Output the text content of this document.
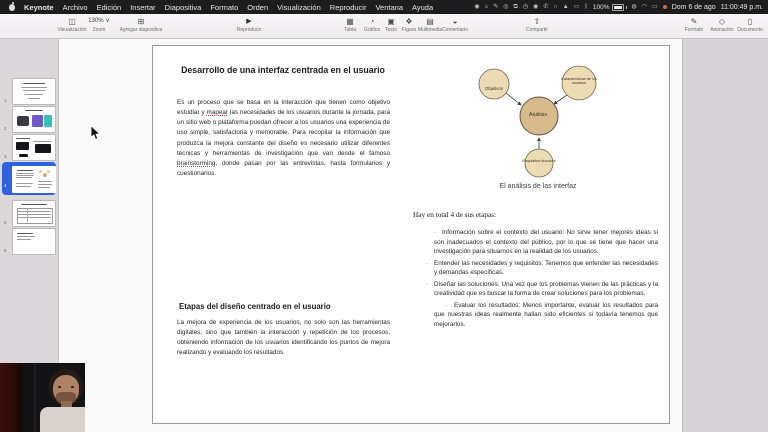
Keynote Archivo Edición Insertar Diapositiva Formato Orden Visualización Reproducir Ventana Ayuda	◉ ⌂ ✎ ◎ ⧉ ◷ ◉ ✆ ∩ ▲ ▭ ᛒ 100%	◍ ◠ ▭ Dom 6 de ago 11:00:49 p.m.
◫
Visualización
130% ∨
Zoom
⊞
Agregar diapositiva
▶
Reproducir
▦
Tabla
◔
Gráfica
▣
Texto
❖
Figura
▤
Multimedia
◒
Comentario
⇧
Compartir
✎
Formato
◇
Animación
▯
Documento
1
2
3
4
5
6
Desarrollo de una interfaz centrada en el usuario
Es un proceso que se basa en la interacción que tienen como objetivo estudiar y mapear las necesidades de los usuarios durante la jornada, para un sitio web o plataforma puedan ofrecer a los usuarios una experiencia de uso simple, satisfactoria y memorable. Para recopilar la información que produzca la mejora constante del diseño es necesario utilizar diferentes técnicas y herramientas de investigación que van desde el famoso brainstorming, donde pasan por las entrevistas, hasta formularios y cuestionarios.
Etapas del diseño centrado en el usuario
La mejora de experiencia de los usuarios, no solo son las herramientas digitales, sino que también la interacción y repetición de los procesos, obteniendo información de los usuarios identificando los puntos de mejora realizando y evaluando los resultados.
Objetivos
Características de los usuarios
Análisis
Requisitos técnicos
El análisis de las interfaz
Hay en total 4 de sus etapas:
· Información sobre el contexto del usuario: No sirve tener mejores ideas si son inadecuados el contexto del público, por lo que se tiene que hacer una investigación para situarnos en la realidad de los usuarios.
· Entender las necesidades y requisitos: Tenemos que entender las necesidades y demandas específicas.
· Diseñar las soluciones: Una vez que los problemas vienen de las prácticas y la creatividad que es buscar la forma de crear soluciones para los problemas.
· Evaluar los resultados: Menos importante, evaluar los resultados para que nuestras ideas realmente hallan sido eficientes si todavía tenemos que mejorarlos.
